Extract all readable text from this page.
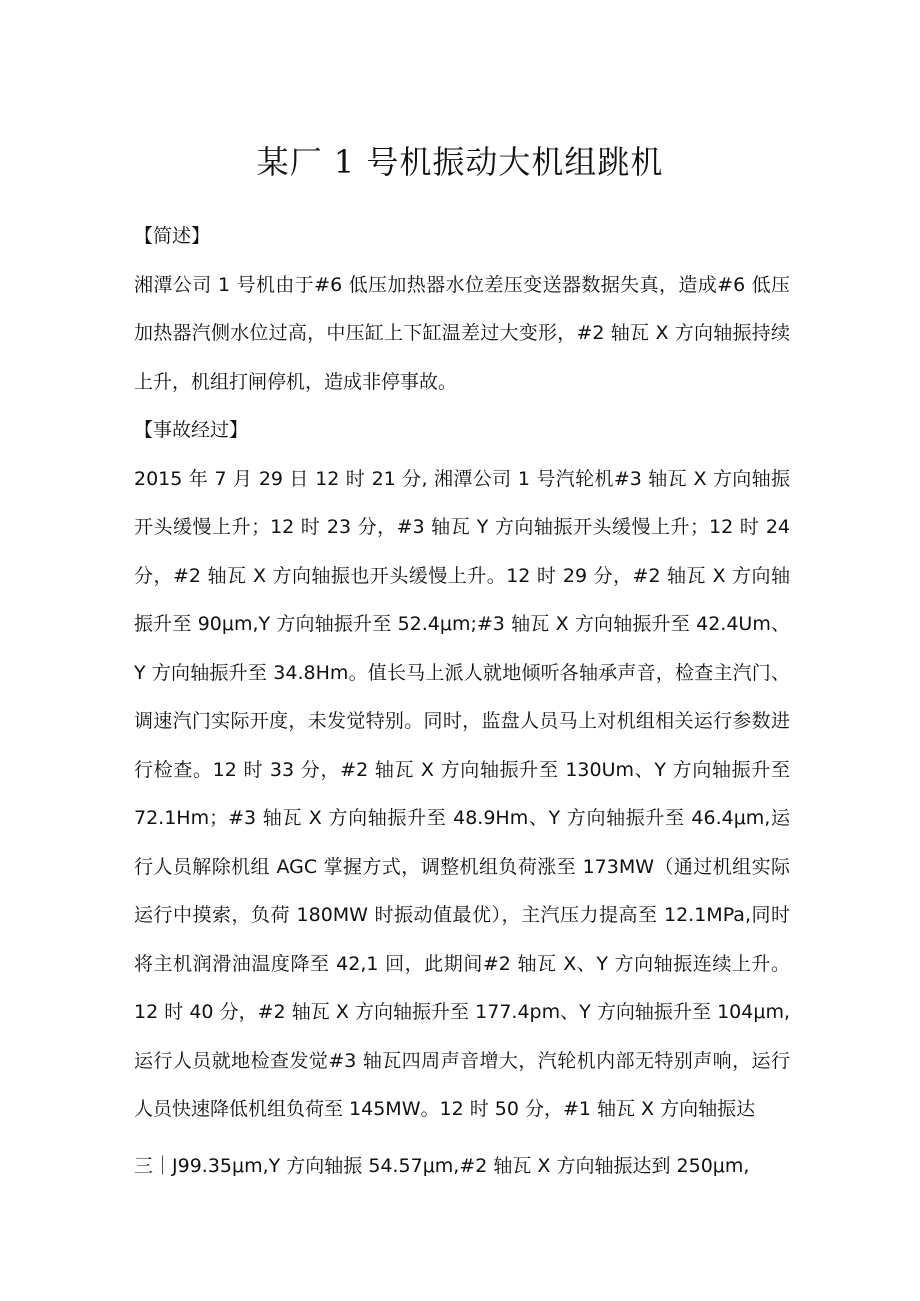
某厂 1 号机振动大机组跳机
【简述】

湘潭公司 1 号机由于#6 低压加热器水位差压变送器数据失真，造成#6 低压加热器汽侧水位过高，中压缸上下缸温差过大变形，#2 轴瓦 X 方向轴振持续上升，机组打闸停机，造成非停事故。

【事故经过】

2015 年 7 月 29 日 12 时 21 分, 湘潭公司 1 号汽轮机#3 轴瓦 X 方向轴振开头缓慢上升；12 时 23 分，#3 轴瓦 Y 方向轴振开头缓慢上升；12 时 24 分，#2 轴瓦 X 方向轴振也开头缓慢上升。12 时 29 分，#2 轴瓦 X 方向轴振升至 90μm,Y 方向轴振升至 52.4μm;#3 轴瓦 X 方向轴振升至 42.4Um、Y 方向轴振升至 34.8Hm。值长马上派人就地倾听各轴承声音，检查主汽门、调速汽门实际开度，未发觉特别。同时，监盘人员马上对机组相关运行参数进行检查。12 时 33 分，#2 轴瓦 X 方向轴振升至 130Um、Y 方向轴振升至 72.1Hm；#3 轴瓦 X 方向轴振升至 48.9Hm、Y 方向轴振升至 46.4μm,运行人员解除机组 AGC 掌握方式，调整机组负荷涨至 173MW（通过机组实际运行中摸索，负荷 180MW 时振动值最优），主汽压力提高至 12.1MPa,同时将主机润滑油温度降至 42,1 回，此期间#2 轴瓦 X、Y 方向轴振连续上升。12 时 40 分，#2 轴瓦 X 方向轴振升至 177.4pm、Y 方向轴振升至 104μm,运行人员就地检查发觉#3 轴瓦四周声音增大，汽轮机内部无特别声响，运行人员快速降低机组负荷至 145MW。12 时 50 分，#1 轴瓦 X 方向轴振达

三｜J99.35μm,Y 方向轴振 54.57μm,#2 轴瓦 X 方向轴振达到 250μm,
